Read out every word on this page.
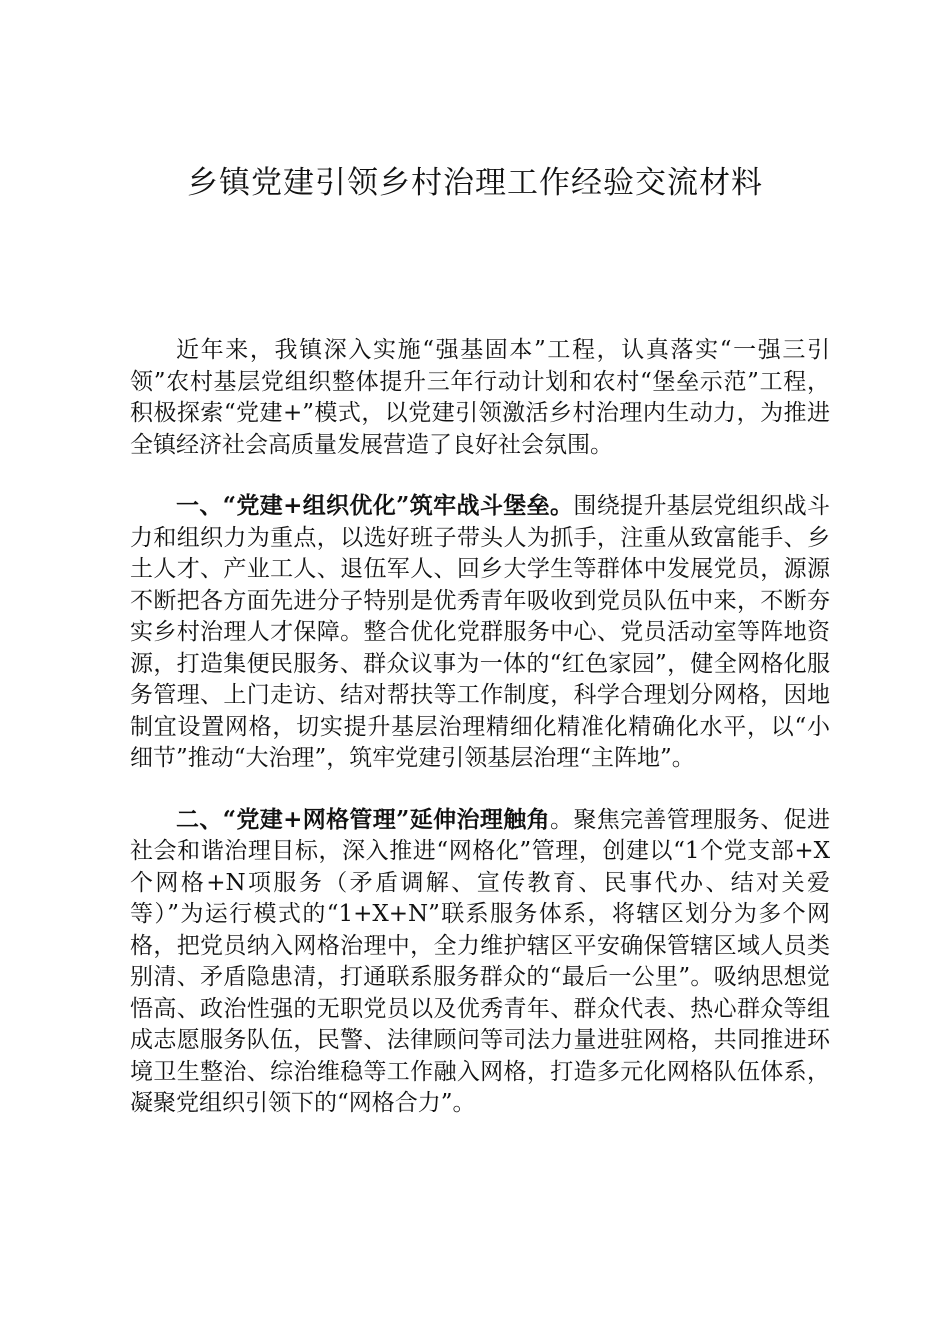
乡镇党建引领乡村治理工作经验交流材料

近年来，我镇深入实施“强基固本”工程，认真落实“一强三引领”农村基层党组织整体提升三年行动计划和农村“堡垒示范”工程，积极探索“党建+”模式，以党建引领激活乡村治理内生动力，为推进全镇经济社会高质量发展营造了良好社会氛围。

一、“党建+组织优化”筑牢战斗堡垒。围绕提升基层党组织战斗力和组织力为重点，以选好班子带头人为抓手，注重从致富能手、乡土人才、产业工人、退伍军人、回乡大学生等群体中发展党员，源源不断把各方面先进分子特别是优秀青年吸收到党员队伍中来，不断夯实乡村治理人才保障。整合优化党群服务中心、党员活动室等阵地资源，打造集便民服务、群众议事为一体的“红色家园”，健全网格化服务管理、上门走访、结对帮扶等工作制度，科学合理划分网格，因地制宜设置网格，切实提升基层治理精细化精准化精确化水平，以“小细节”推动“大治理”，筑牢党建引领基层治理“主阵地”。

二、“党建+网格管理”延伸治理触角。聚焦完善管理服务、促进社会和谐治理目标，深入推进“网格化”管理，创建以“1个党支部+X个网格+N项服务（矛盾调解、宣传教育、民事代办、结对关爱等）”为运行模式的“1+X+N”联系服务体系，将辖区划分为多个网格，把党员纳入网格治理中，全力维护辖区平安确保管辖区域人员类别清、矛盾隐患清，打通联系服务群众的“最后一公里”。吸纳思想觉悟高、政治性强的无职党员以及优秀青年、群众代表、热心群众等组成志愿服务队伍，民警、法律顾问等司法力量进驻网格，共同推进环境卫生整治、综治维稳等工作融入网格，打造多元化网格队伍体系，凝聚党组织引领下的“网格合力”。
